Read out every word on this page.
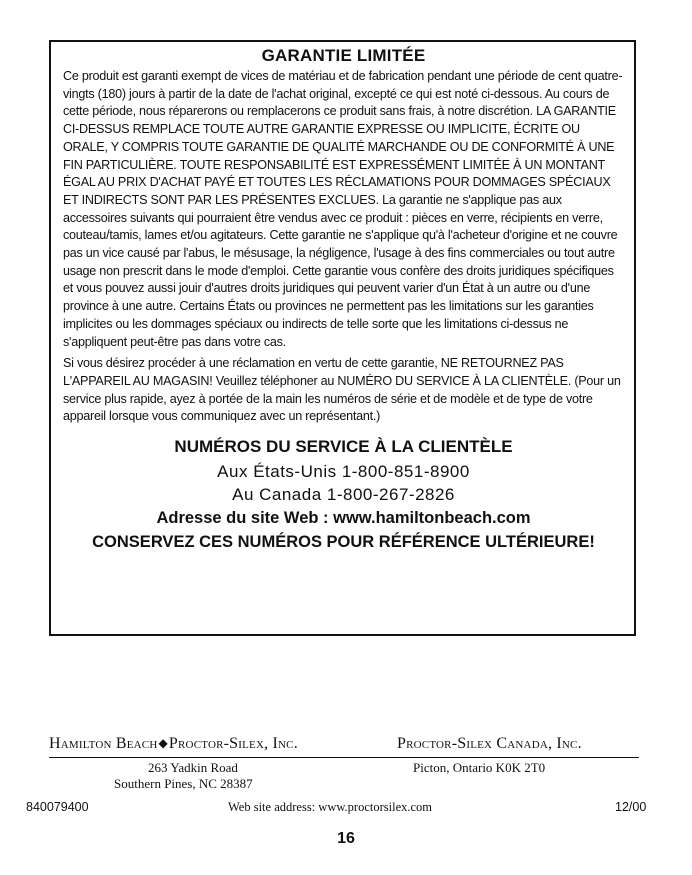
GARANTIE LIMITÉE

Ce produit est garanti exempt de vices de matériau et de fabrication pendant une période de cent quatre-vingts (180) jours à partir de la date de l'achat original, excepté ce qui est noté ci-dessous. Au cours de cette période, nous réparerons ou remplacerons ce produit sans frais, à notre discrétion. LA GARANTIE CI-DESSUS REMPLACE TOUTE AUTRE GARANTIE EXPRESSE OU IMPLICITE, ÉCRITE OU ORALE, Y COMPRIS TOUTE GARANTIE DE QUALITÉ MARCHANDE OU DE CONFORMITÉ À UNE FIN PARTICULIÈRE. TOUTE RESPONSABILITÉ EST EXPRESSÉMENT LIMITÉE À UN MONTANT ÉGAL AU PRIX D'ACHAT PAYÉ ET TOUTES LES RÉCLAMATIONS POUR DOMMAGES SPÉCIAUX ET INDIRECTS SONT PAR LES PRÉSENTES EXCLUES. La garantie ne s'applique pas aux accessoires suivants qui pourraient être vendus avec ce produit : pièces en verre, récipients en verre, couteau/tamis, lames et/ou agitateurs. Cette garantie ne s'applique qu'à l'acheteur d'origine et ne couvre pas un vice causé par l'abus, le mésusage, la négligence, l'usage à des fins commerciales ou tout autre usage non prescrit dans le mode d'emploi. Cette garantie vous confère des droits juridiques spécifiques et vous pouvez aussi jouir d'autres droits juridiques qui peuvent varier d'un État à un autre ou d'une province à une autre. Certains États ou provinces ne permettent pas les limitations sur les garanties implicites ou les dommages spéciaux ou indirects de telle sorte que les limitations ci-dessus ne s'appliquent peut-être pas dans votre cas.

Si vous désirez procéder à une réclamation en vertu de cette garantie, NE RETOURNEZ PAS L'APPAREIL AU MAGASIN! Veuillez téléphoner au NUMÉRO DU SERVICE À LA CLIENTÈLE. (Pour un service plus rapide, ayez à portée de la main les numéros de série et de modèle et de type de votre appareil lorsque vous communiquez avec un représentant.)

NUMÉROS DU SERVICE À LA CLIENTÈLE
Aux États-Unis 1-800-851-8900
Au Canada 1-800-267-2826
Adresse du site Web : www.hamiltonbeach.com
CONSERVEZ CES NUMÉROS POUR RÉFÉRENCE ULTÉRIEURE!
Hamilton Beach◆Proctor-Silex, Inc.	Proctor-Silex Canada, Inc.
263 Yadkin Road
Southern Pines, NC 28387
Picton, Ontario K0K 2T0
840079400	Web site address: www.proctorsilex.com	12/00
16
